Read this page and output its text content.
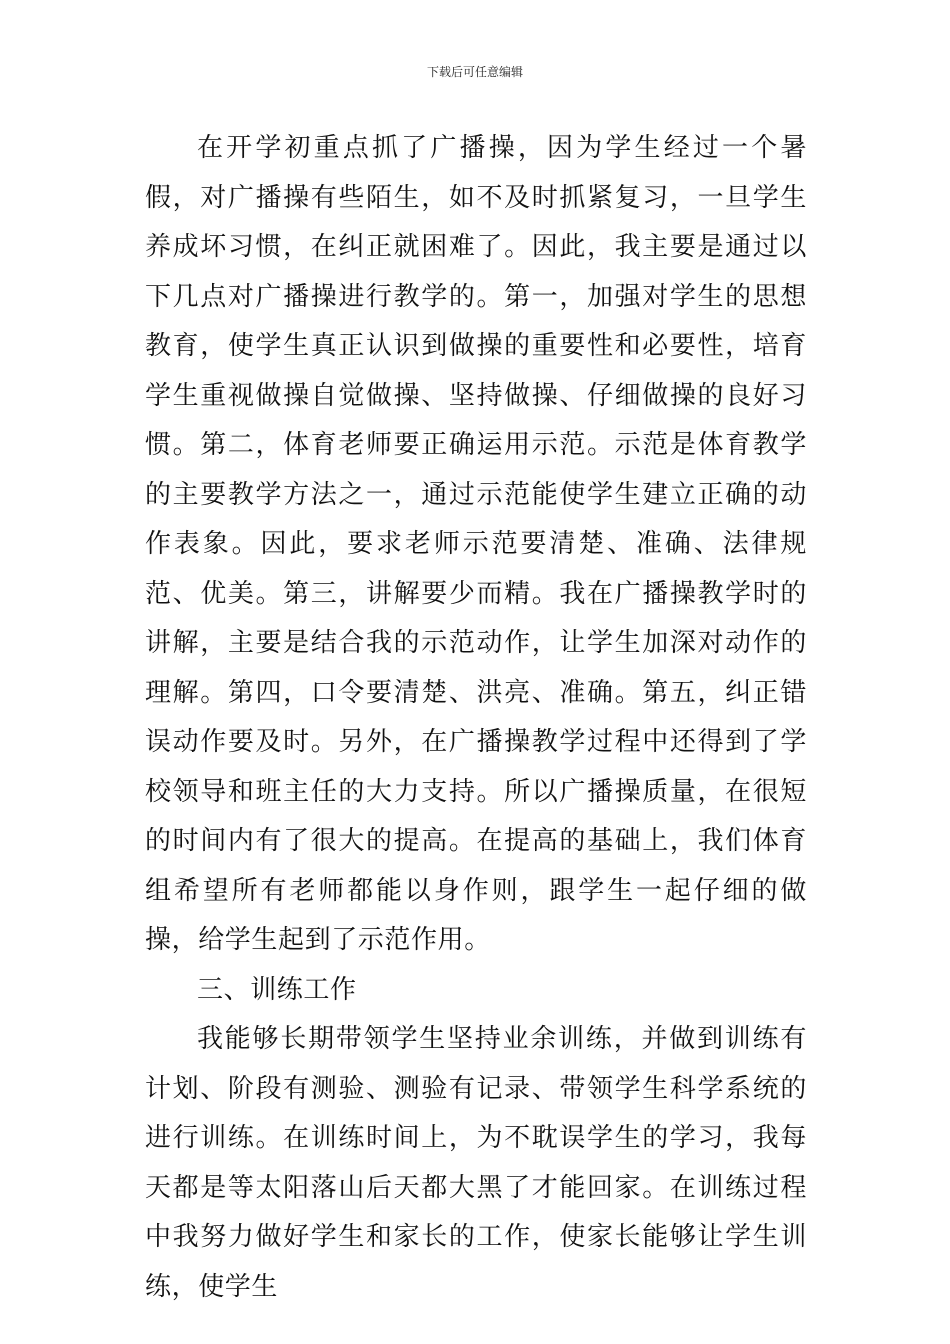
下载后可任意编辑

在开学初重点抓了广播操，因为学生经过一个暑假，对广播操有些陌生，如不及时抓紧复习，一旦学生养成坏习惯，在纠正就困难了。因此，我主要是通过以下几点对广播操进行教学的。第一，加强对学生的思想教育，使学生真正认识到做操的重要性和必要性，培育学生重视做操自觉做操、坚持做操、仔细做操的良好习惯。第二，体育老师要正确运用示范。示范是体育教学的主要教学方法之一，通过示范能使学生建立正确的动作表象。因此，要求老师示范要清楚、准确、法律规范、优美。第三，讲解要少而精。我在广播操教学时的讲解，主要是结合我的示范动作，让学生加深对动作的理解。第四，口令要清楚、洪亮、准确。第五，纠正错误动作要及时。另外，在广播操教学过程中还得到了学校领导和班主任的大力支持。所以广播操质量，在很短的时间内有了很大的提高。在提高的基础上，我们体育组希望所有老师都能以身作则，跟学生一起仔细的做操，给学生起到了示范作用。

三、训练工作

我能够长期带领学生坚持业余训练，并做到训练有计划、阶段有测验、测验有记录、带领学生科学系统的进行训练。在训练时间上，为不耽误学生的学习，我每天都是等太阳落山后天都大黑了才能回家。在训练过程中我努力做好学生和家长的工作，使家长能够让学生训练，使学生
